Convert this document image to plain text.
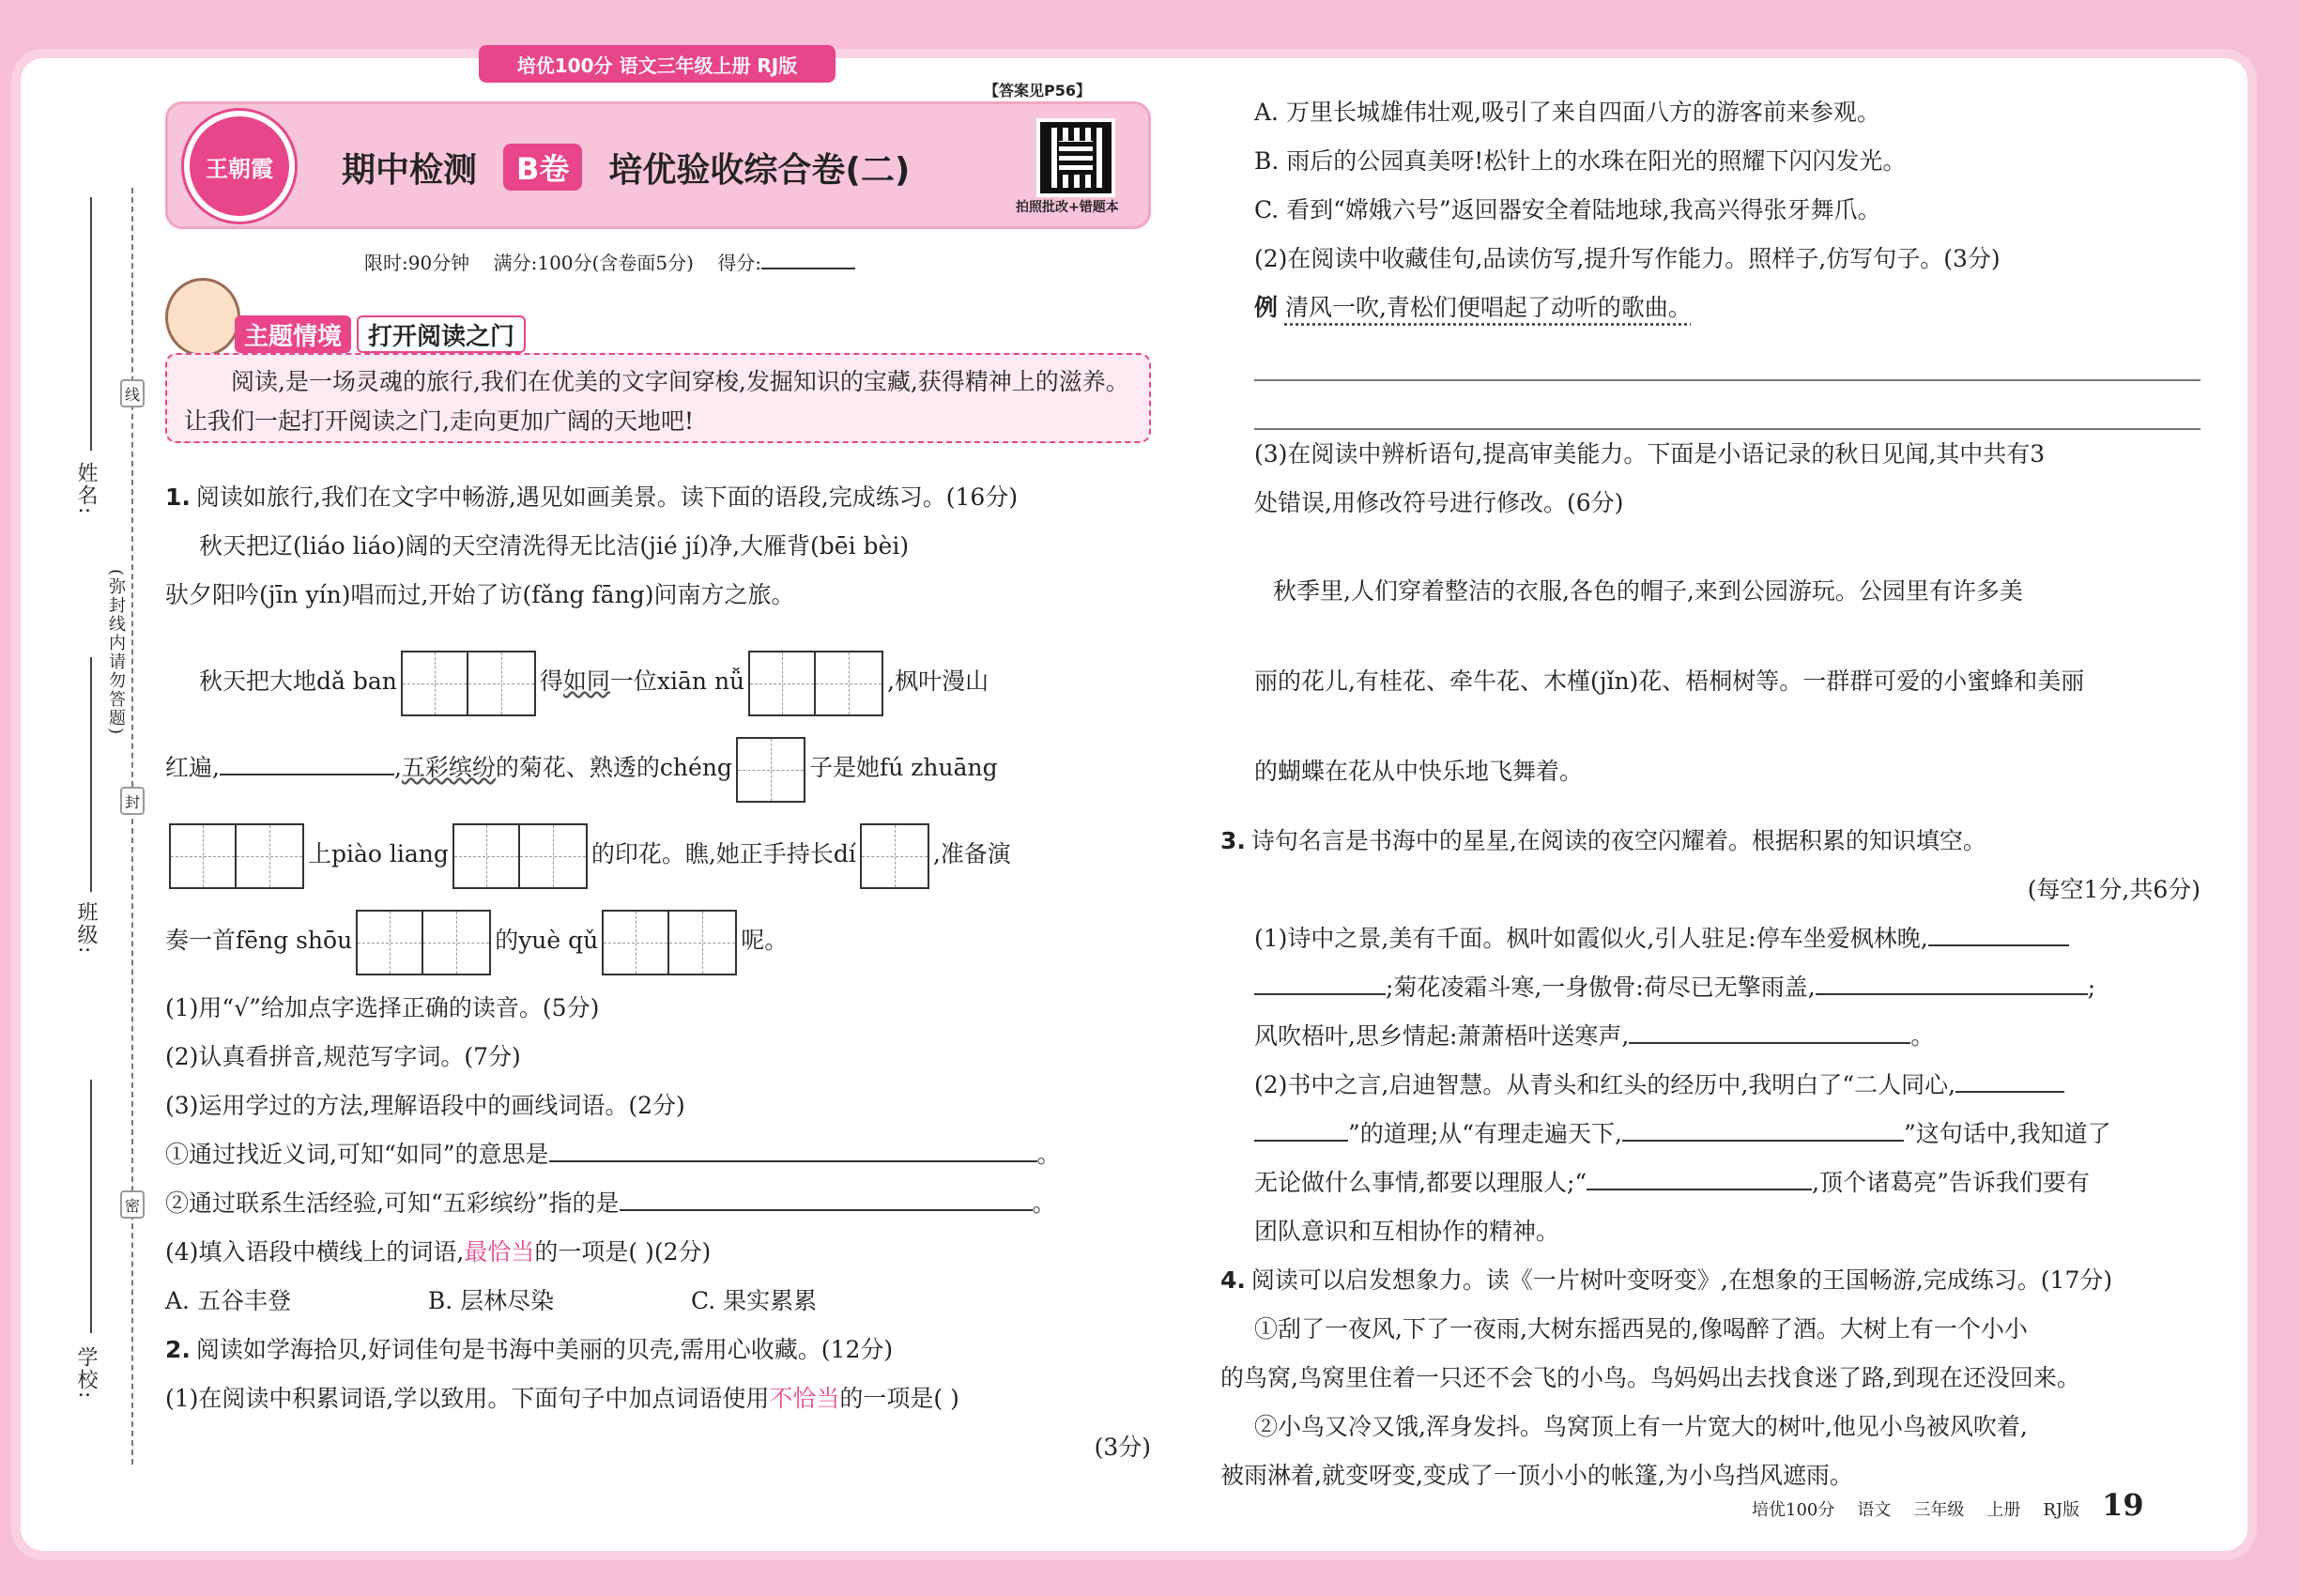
培优100分 语文三年级上册 RJ版
王朝霞	期中检测	B卷	培优验收综合卷(二)
【答案见P56】
拍照批改+错题本
限时:90分钟 满分:100分(含卷面5分) 得分:
主题情境	打开阅读之门
阅读,是一场灵魂的旅行,我们在优美的文字间穿梭,发掘知识的宝藏,获得精神上的滋养。让我们一起打开阅读之门,走向更加广阔的天地吧!
线
封
密
姓名:
(弥封线内请勿答题)
班级:
学校:

1. 阅读如旅行,我们在文字中畅游,遇见如画美景。读下面的语段,完成练习。(16分)

秋天把辽(liáo liáo)阔的天空清洗得无比洁(jié jí)净,大雁背(bēi bèi)

驮夕阳吟(jīn yín)唱而过,开始了访(fǎng fāng)问南方之旅。

秋天把大地dǎ ban	得如同一位xiān nǚ	,枫叶漫山

红遍,	,五彩缤纷的菊花、熟透的chéng	子是她fú zhuāng

上piào liang	的印花。瞧,她正手持长dí	,准备演

奏一首fēng shōu	的yuè qǔ	呢。

(1)用“√”给加点字选择正确的读音。(5分)

(2)认真看拼音,规范写字词。(7分)

(3)运用学过的方法,理解语段中的画线词语。(2分)

①通过找近义词,可知“如同”的意思是	。

②通过联系生活经验,可知“五彩缤纷”指的是	。

(4)填入语段中横线上的词语,最恰当的一项是( )(2分)

A. 五谷丰登	B. 层林尽染	C. 果实累累

2. 阅读如学海拾贝,好词佳句是书海中美丽的贝壳,需用心收藏。(12分)

(1)在阅读中积累词语,学以致用。下面句子中加点词语使用不恰当的一项是( )

(3分)

A. 万里长城雄伟壮观,吸引了来自四面八方的游客前来参观。

B. 雨后的公园真美呀!松针上的水珠在阳光的照耀下闪闪发光。

C. 看到“嫦娥六号”返回器安全着陆地球,我高兴得张牙舞爪。

(2)在阅读中收藏佳句,品读仿写,提升写作能力。照样子,仿写句子。(3分)

例 清风一吹,青松们便唱起了动听的歌曲。

(3)在阅读中辨析语句,提高审美能力。下面是小语记录的秋日见闻,其中共有3

处错误,用修改符号进行修改。(6分)

秋季里,人们穿着整洁的衣服,各色的帽子,来到公园游玩。公园里有许多美

丽的花儿,有桂花、牵牛花、木槿(jǐn)花、梧桐树等。一群群可爱的小蜜蜂和美丽

的蝴蝶在花从中快乐地飞舞着。

3. 诗句名言是书海中的星星,在阅读的夜空闪耀着。根据积累的知识填空。

(每空1分,共6分)

(1)诗中之景,美有千面。枫叶如霞似火,引人驻足:停车坐爱枫林晚,

;菊花凌霜斗寒,一身傲骨:荷尽已无擎雨盖,	;

风吹梧叶,思乡情起:萧萧梧叶送寒声,	。

(2)书中之言,启迪智慧。从青头和红头的经历中,我明白了“二人同心,

”的道理;从“有理走遍天下,	”这句话中,我知道了

无论做什么事情,都要以理服人;“	,顶个诸葛亮”告诉我们要有

团队意识和互相协作的精神。

4. 阅读可以启发想象力。读《一片树叶变呀变》,在想象的王国畅游,完成练习。(17分)

①刮了一夜风,下了一夜雨,大树东摇西晃的,像喝醉了酒。大树上有一个小小

的鸟窝,鸟窝里住着一只还不会飞的小鸟。鸟妈妈出去找食迷了路,到现在还没回来。

②小鸟又冷又饿,浑身发抖。鸟窝顶上有一片宽大的树叶,他见小鸟被风吹着,

被雨淋着,就变呀变,变成了一顶小小的帐篷,为小鸟挡风遮雨。

培优100分 语文 三年级 上册 RJ版 19
